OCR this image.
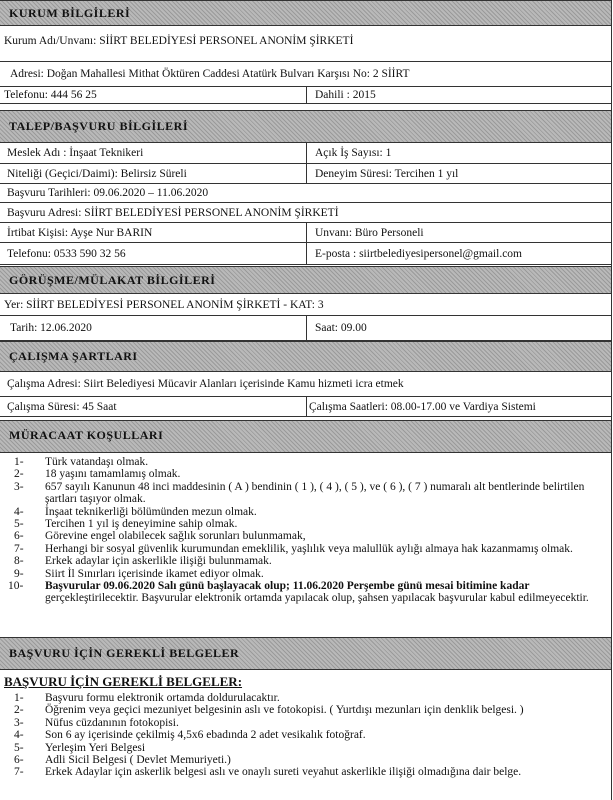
KURUM BİLGİLERİ
Kurum Adı/Unvanı: SİİRT BELEDİYESİ PERSONEL ANONİM ŞİRKETİ
Adresi: Doğan Mahallesi Mithat Öktüren Caddesi Atatürk Bulvarı Karşısı No: 2 SİİRT
Telefonu: 444 56 25	Dahili : 2015
TALEP/BAŞVURU BİLGİLERİ
Meslek Adı : İnşaat Teknikeri	Açık İş Sayısı: 1
Niteliği (Geçici/Daimi): Belirsiz Süreli	Deneyim Süresi: Tercihen 1 yıl
Başvuru Tarihleri: 09.06.2020 – 11.06.2020
Başvuru Adresi: SİİRT BELEDİYESİ PERSONEL ANONİM ŞİRKETİ
İrtibat Kişisi: Ayşe Nur BARIN	Unvanı: Büro Personeli
Telefonu: 0533 590 32 56	E-posta : siirtbelediyesipersonel@gmail.com
GÖRÜŞME/MÜLAKAT BİLGİLERİ
Yer: SİİRT BELEDİYESİ PERSONEL ANONİM ŞİRKETİ - KAT: 3
Tarih: 12.06.2020	Saat: 09.00
ÇALIŞMA ŞARTLARI
Çalışma Adresi: Siirt Belediyesi Mücavir Alanları içerisinde Kamu hizmeti icra etmek
Çalışma Süresi: 45 Saat	Çalışma Saatleri: 08.00-17.00 ve Vardiya Sistemi
MÜRACAAT KOŞULLARI
1-	Türk vatandaşı olmak.
2-	18 yaşını tamamlamış olmak.
3-	657 sayılı Kanunun 48 inci maddesinin ( A ) bendinin ( 1 ), ( 4 ), ( 5 ), ve ( 6 ), ( 7 ) numaralı alt bentlerinde belirtilen şartları taşıyor olmak.
4-	İnşaat teknikerliği bölümünden mezun olmak.
5-	Tercihen 1 yıl iş deneyimine sahip olmak.
6-	Görevine engel olabilecek sağlık sorunları bulunmamak,
7-	Herhangi bir sosyal güvenlik kurumundan emeklilik, yaşlılık veya malullük aylığı almaya hak kazanmamış olmak.
8-	Erkek adaylar için askerlikle ilişiği bulunmamak.
9-	Siirt İl Sınırları içerisinde ikamet ediyor olmak.
10-	Başvurular 09.06.2020 Salı günü başlayacak olup; 11.06.2020 Perşembe günü mesai bitimine kadar gerçekleştirilecektir. Başvurular elektronik ortamda yapılacak olup, şahsen yapılacak başvurular kabul edilmeyecektir.
BAŞVURU İÇİN GEREKLİ BELGELER
BAŞVURU İÇİN GEREKLİ BELGELER:
1-	Başvuru formu elektronik ortamda doldurulacaktır.
2-	Öğrenim veya geçici mezuniyet belgesinin aslı ve fotokopisi. ( Yurtdışı mezunları için denklik belgesi. )
3-	Nüfus cüzdanının fotokopisi.
4-	Son 6 ay içerisinde çekilmiş 4,5x6 ebadında 2 adet vesikalık fotoğraf.
5-	Yerleşim Yeri Belgesi
6-	Adli Sicil Belgesi ( Devlet Memuriyeti.)
7-	Erkek Adaylar için askerlik belgesi aslı ve onaylı sureti veyahut askerlikle ilişiği olmadığına dair belge.
